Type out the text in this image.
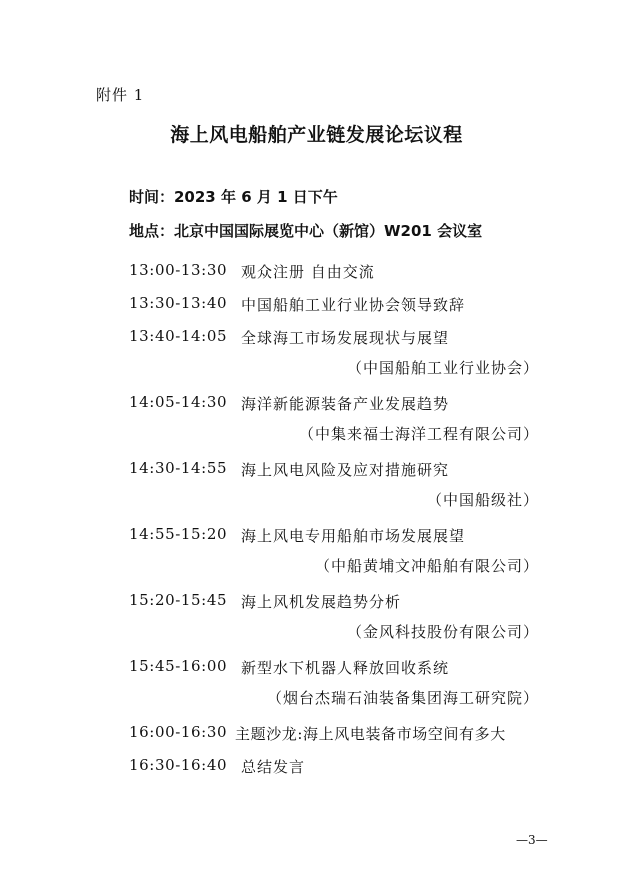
附件 1
海上风电船舶产业链发展论坛议程
时间：2023 年 6 月 1 日下午
地点：北京中国国际展览中心（新馆）W201 会议室
13:00-13:30 观众注册 自由交流
13:30-13:40 中国船舶工业行业协会领导致辞
13:40-14:05 全球海工市场发展现状与展望
（中国船舶工业行业协会）
14:05-14:30 海洋新能源装备产业发展趋势
（中集来福士海洋工程有限公司）
14:30-14:55 海上风电风险及应对措施研究
（中国船级社）
14:55-15:20 海上风电专用船舶市场发展展望
（中船黄埔文冲船舶有限公司）
15:20-15:45 海上风机发展趋势分析
（金风科技股份有限公司）
15:45-16:00 新型水下机器人释放回收系统
（烟台杰瑞石油装备集团海工研究院）
16:00-16:30 主题沙龙:海上风电装备市场空间有多大
16:30-16:40 总结发言
—3—
